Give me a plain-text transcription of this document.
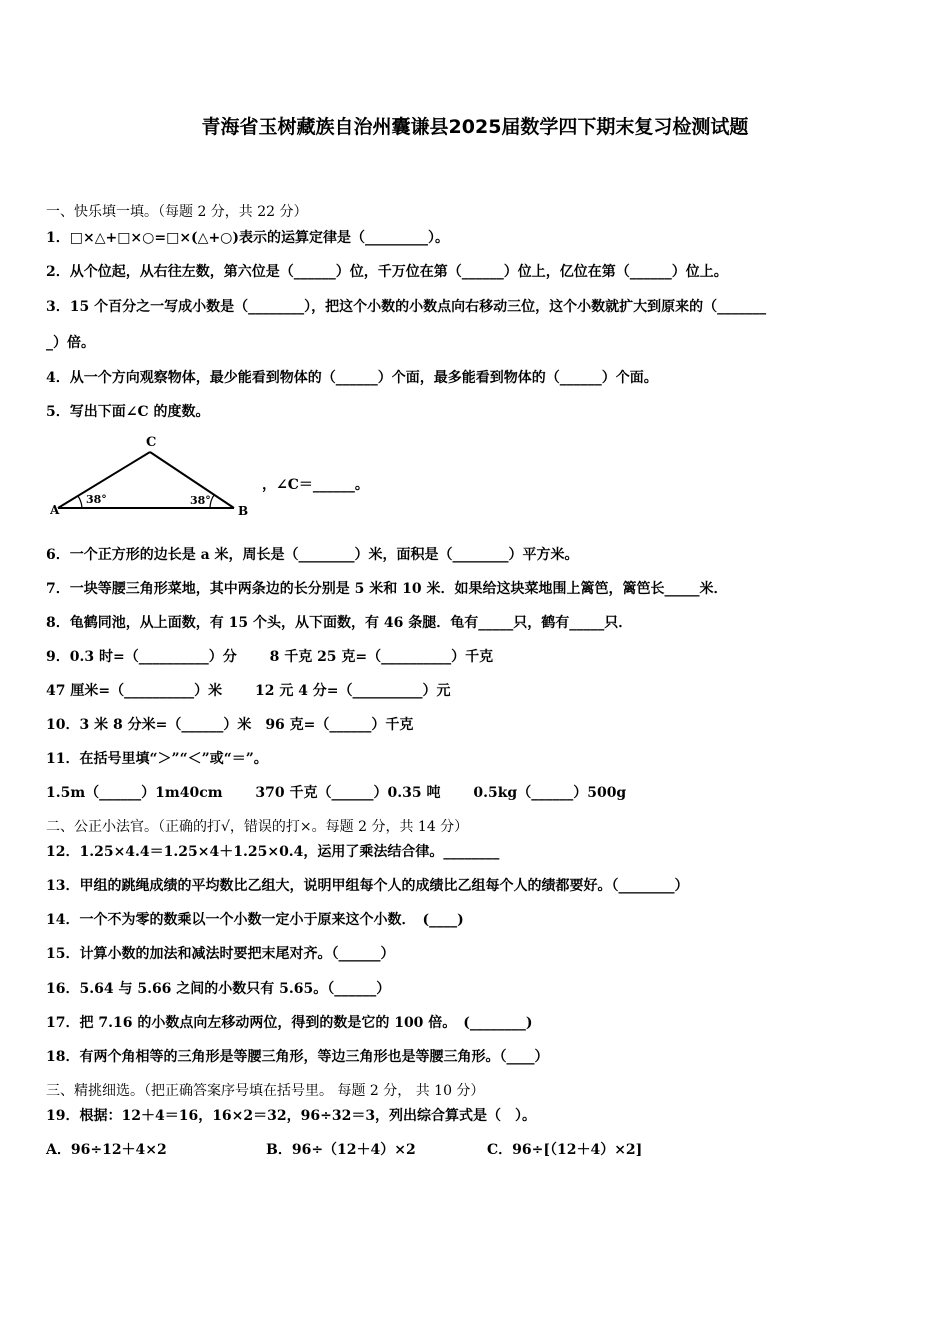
青海省玉树藏族自治州囊谦县2025届数学四下期末复习检测试题
一、快乐填一填。（每题 2 分，共 22 分）
1．□×△+□×○=□×(△+○)表示的运算定律是（_________）。
2．从个位起，从右往左数，第六位是（______）位，千万位在第（______）位上，亿位在第（______）位上。
3．15 个百分之一写成小数是（________），把这个小数的小数点向右移动三位，这个小数就扩大到原来的（_______
_）倍。
4．从一个方向观察物体，最少能看到物体的（______）个面，最多能看到物体的（______）个面。
5．写出下面∠C 的度数。
C
A	B
38°	38°
，∠C＝______。
6．一个正方形的边长是 a 米，周长是（________）米，面积是（________）平方米。
7．一块等腰三角形菜地，其中两条边的长分别是 5 米和 10 米．如果给这块菜地围上篱笆，篱笆长_____米．
8．龟鹤同池，从上面数，有 15 个头，从下面数，有 46 条腿．龟有_____只，鹤有_____只．
9．0.3 时=（__________）分　　 8 千克 25 克=（__________）千克
47 厘米=（__________）米　　 12 元 4 分=（__________）元
10．3 米 8 分米=（______）米　96 克=（______）千克
11．在括号里填“＞”“＜”或“＝”。
1.5m（______）1m40cm　　 370 千克（______）0.35 吨　　 0.5kg（______）500g
二、公正小法官。（正确的打√，错误的打×。每题 2 分，共 14 分）
12．1.25×4.4＝1.25×4＋1.25×0.4，运用了乘法结合律。________
13．甲组的跳绳成绩的平均数比乙组大，说明甲组每个人的成绩比乙组每个人的绩都要好。（________）
14．一个不为零的数乘以一个小数一定小于原来这个小数．　(____)
15．计算小数的加法和减法时要把末尾对齐。（______）
16．5.64 与 5.66 之间的小数只有 5.65。（______）
17．把 7.16 的小数点向左移动两位，得到的数是它的 100 倍。　(________)
18．有两个角相等的三角形是等腰三角形，等边三角形也是等腰三角形。（____）
三、精挑细选。（把正确答案序号填在括号里。 每题 2 分， 共 10 分）
19．根据：12＋4＝16，16×2＝32，96÷32＝3，列出综合算式是（　）。
A．96÷12＋4×2	B．96÷（12＋4）×2	C．96÷[（12＋4）×2]
